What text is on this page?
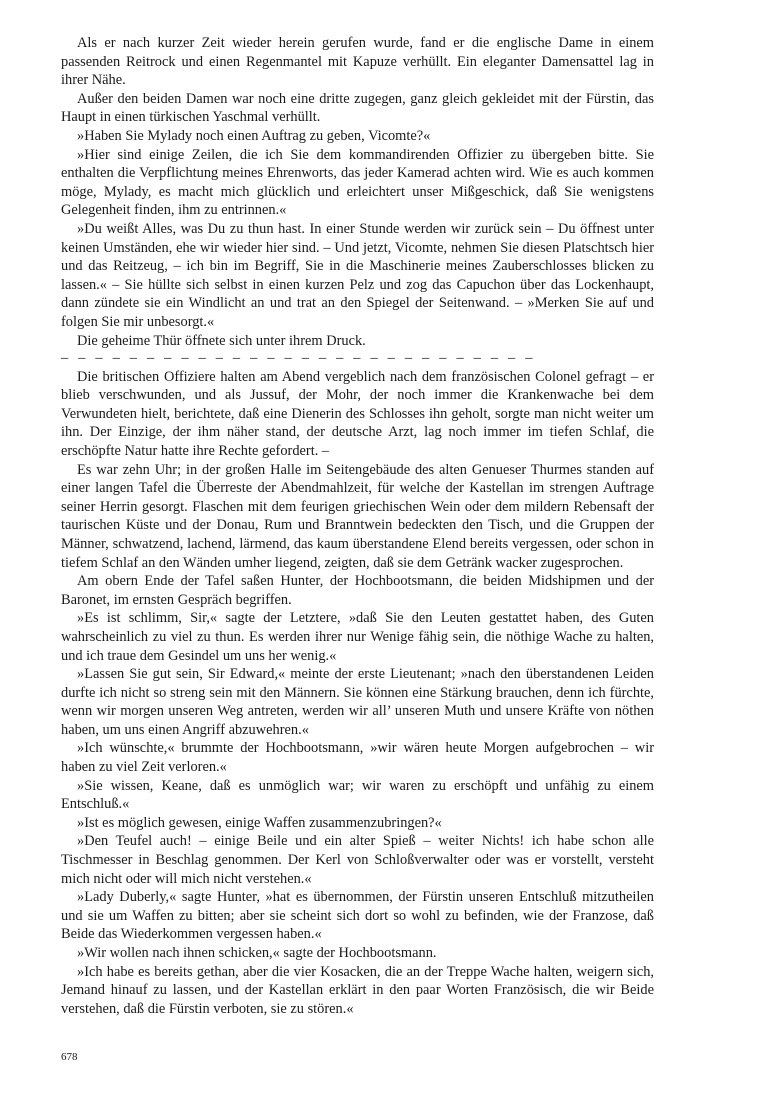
Als er nach kurzer Zeit wieder herein gerufen wurde, fand er die englische Dame in einem passenden Reitrock und einen Regenmantel mit Kapuze verhüllt. Ein eleganter Damensattel lag in ihrer Nähe.

Außer den beiden Damen war noch eine dritte zugegen, ganz gleich gekleidet mit der Fürstin, das Haupt in einen türkischen Yaschmal verhüllt.

»Haben Sie Mylady noch einen Auftrag zu geben, Vicomte?«

»Hier sind einige Zeilen, die ich Sie dem kommandirenden Offizier zu übergeben bitte. Sie enthalten die Verpflichtung meines Ehrenworts, das jeder Kamerad achten wird. Wie es auch kommen möge, Mylady, es macht mich glücklich und erleichtert unser Mißgeschick, daß Sie wenigstens Gelegenheit finden, ihm zu entrinnen.«

»Du weißt Alles, was Du zu thun hast. In einer Stunde werden wir zurück sein – Du öffnest unter keinen Umständen, ehe wir wieder hier sind. – Und jetzt, Vicomte, nehmen Sie diesen Platschtsch hier und das Reitzeug, – ich bin im Begriff, Sie in die Maschinerie meines Zauberschlosses blicken zu lassen.« – Sie hüllte sich selbst in einen kurzen Pelz und zog das Capuchon über das Lockenhaupt, dann zündete sie ein Windlicht an und trat an den Spiegel der Seitenwand. – »Merken Sie auf und folgen Sie mir unbesorgt.«

Die geheime Thür öffnete sich unter ihrem Druck.

– – – – – – – – – – – – – – – – – – – – – – – – – – – –

Die britischen Offiziere halten am Abend vergeblich nach dem französischen Colonel gefragt – er blieb verschwunden, und als Jussuf, der Mohr, der noch immer die Krankenwache bei dem Verwundeten hielt, berichtete, daß eine Dienerin des Schlosses ihn geholt, sorgte man nicht weiter um ihn. Der Einzige, der ihm näher stand, der deutsche Arzt, lag noch immer im tiefen Schlaf, die erschöpfte Natur hatte ihre Rechte gefordert. –

Es war zehn Uhr; in der großen Halle im Seitengebäude des alten Genueser Thurmes standen auf einer langen Tafel die Überreste der Abendmahlzeit, für welche der Kastellan im strengen Auftrage seiner Herrin gesorgt. Flaschen mit dem feurigen griechischen Wein oder dem mildern Rebensaft der taurischen Küste und der Donau, Rum und Branntwein bedeckten den Tisch, und die Gruppen der Männer, schwatzend, lachend, lärmend, das kaum überstandene Elend bereits vergessen, oder schon in tiefem Schlaf an den Wänden umher liegend, zeigten, daß sie dem Getränk wacker zugesprochen.

Am obern Ende der Tafel saßen Hunter, der Hochbootsmann, die beiden Midshipmen und der Baronet, im ernsten Gespräch begriffen.

»Es ist schlimm, Sir,« sagte der Letztere, »daß Sie den Leuten gestattet haben, des Guten wahrscheinlich zu viel zu thun. Es werden ihrer nur Wenige fähig sein, die nöthige Wache zu halten, und ich traue dem Gesindel um uns her wenig.«

»Lassen Sie gut sein, Sir Edward,« meinte der erste Lieutenant; »nach den überstandenen Leiden durfte ich nicht so streng sein mit den Männern. Sie können eine Stärkung brauchen, denn ich fürchte, wenn wir morgen unseren Weg antreten, werden wir all’ unseren Muth und unsere Kräfte von nöthen haben, um uns einen Angriff abzuwehren.«

»Ich wünschte,« brummte der Hochbootsmann, »wir wären heute Morgen aufgebrochen – wir haben zu viel Zeit verloren.«

»Sie wissen, Keane, daß es unmöglich war; wir waren zu erschöpft und unfähig zu einem Entschluß.«

»Ist es möglich gewesen, einige Waffen zusammenzubringen?«

»Den Teufel auch! – einige Beile und ein alter Spieß – weiter Nichts! ich habe schon alle Tischmesser in Beschlag genommen. Der Kerl von Schloßverwalter oder was er vorstellt, versteht mich nicht oder will mich nicht verstehen.«

»Lady Duberly,« sagte Hunter, »hat es übernommen, der Fürstin unseren Entschluß mitzutheilen und sie um Waffen zu bitten; aber sie scheint sich dort so wohl zu befinden, wie der Franzose, daß Beide das Wiederkommen vergessen haben.«

»Wir wollen nach ihnen schicken,« sagte der Hochbootsmann.

»Ich habe es bereits gethan, aber die vier Kosacken, die an der Treppe Wache halten, weigern sich, Jemand hinauf zu lassen, und der Kastellan erklärt in den paar Worten Französisch, die wir Beide verstehen, daß die Fürstin verboten, sie zu stören.«

678
